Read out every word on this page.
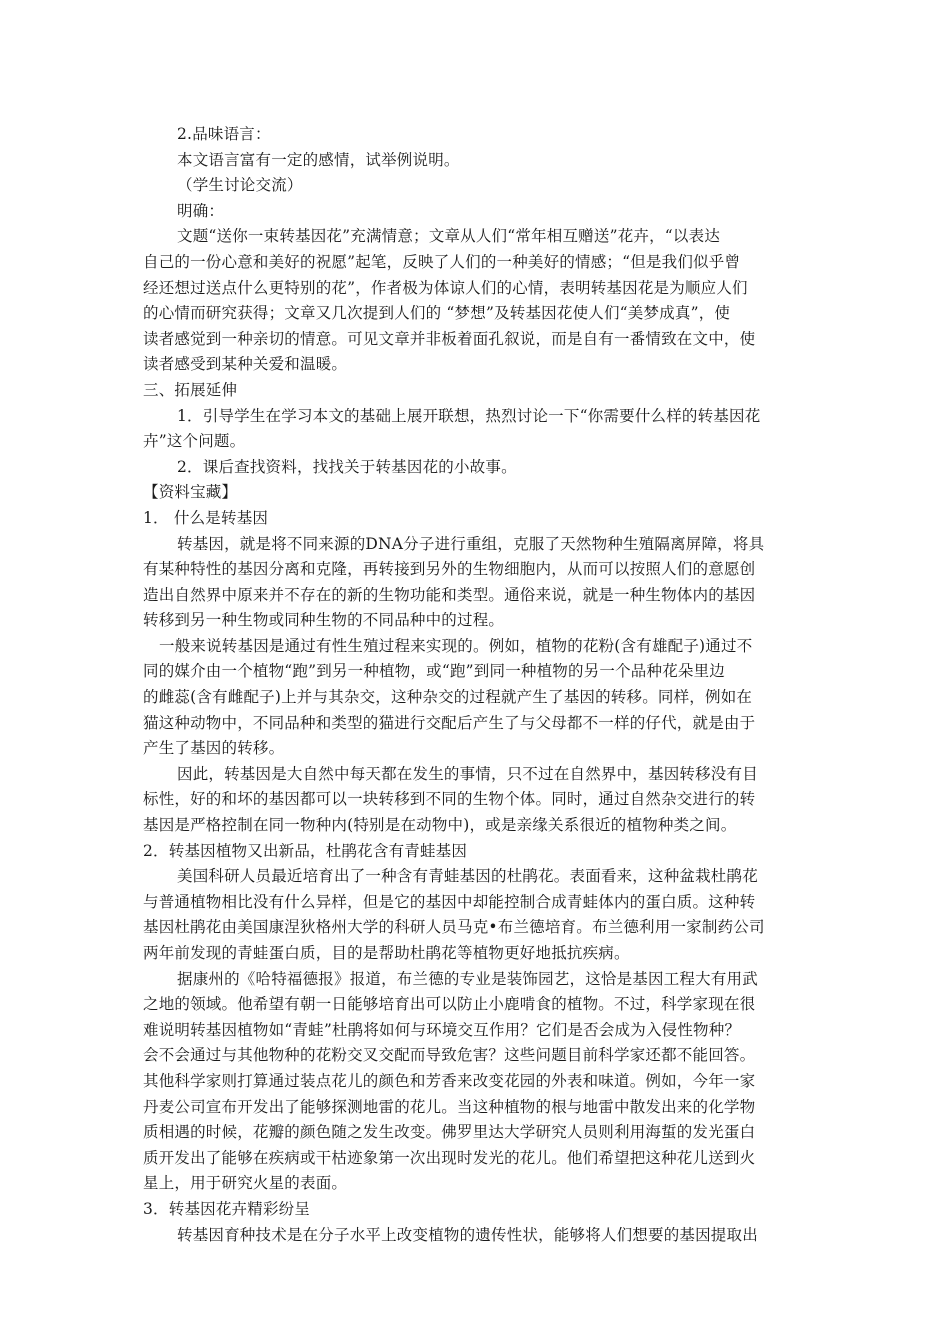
2.品味语言：
本文语言富有一定的感情，试举例说明。
（学生讨论交流）
明确：
文题“送你一束转基因花”充满情意；文章从人们“常年相互赠送”花卉，“以表达
自己的一份心意和美好的祝愿”起笔，反映了人们的一种美好的情感；“但是我们似乎曾
经还想过送点什么更特别的花”，作者极为体谅人们的心情，表明转基因花是为顺应人们
的心情而研究获得；文章又几次提到人们的 “梦想”及转基因花使人们“美梦成真”，使
读者感觉到一种亲切的情意。可见文章并非板着面孔叙说，而是自有一番情致在文中，使
读者感受到某种关爱和温暖。
三、拓展延伸
1．引导学生在学习本文的基础上展开联想，热烈讨论一下“你需要什么样的转基因花
卉”这个问题。
2．课后查找资料，找找关于转基因花的小故事。
【资料宝藏】
1． 什么是转基因
转基因，就是将不同来源的DNA分子进行重组，克服了天然物种生殖隔离屏障，将具
有某种特性的基因分离和克隆，再转接到另外的生物细胞内，从而可以按照人们的意愿创
造出自然界中原来并不存在的新的生物功能和类型。通俗来说，就是一种生物体内的基因
转移到另一种生物或同种生物的不同品种中的过程。
一般来说转基因是通过有性生殖过程来实现的。例如，植物的花粉(含有雄配子)通过不
同的媒介由一个植物“跑”到另一种植物，或“跑”到同一种植物的另一个品种花朵里边
的雌蕊(含有雌配子)上并与其杂交，这种杂交的过程就产生了基因的转移。同样，例如在
猫这种动物中，不同品种和类型的猫进行交配后产生了与父母都不一样的仔代，就是由于
产生了基因的转移。
因此，转基因是大自然中每天都在发生的事情，只不过在自然界中，基因转移没有目
标性，好的和坏的基因都可以一块转移到不同的生物个体。同时，通过自然杂交进行的转
基因是严格控制在同一物种内(特别是在动物中)，或是亲缘关系很近的植物种类之间。
2．转基因植物又出新品，杜鹃花含有青蛙基因
美国科研人员最近培育出了一种含有青蛙基因的杜鹃花。表面看来，这种盆栽杜鹃花
与普通植物相比没有什么异样，但是它的基因中却能控制合成青蛙体内的蛋白质。这种转
基因杜鹃花由美国康涅狄格州大学的科研人员马克•布兰德培育。布兰德利用一家制药公司
两年前发现的青蛙蛋白质，目的是帮助杜鹃花等植物更好地抵抗疾病。
据康州的《哈特福德报》报道，布兰德的专业是装饰园艺，这恰是基因工程大有用武
之地的领域。他希望有朝一日能够培育出可以防止小鹿啃食的植物。不过，科学家现在很
难说明转基因植物如“青蛙”杜鹃将如何与环境交互作用？它们是否会成为入侵性物种？
会不会通过与其他物种的花粉交叉交配而导致危害？这些问题目前科学家还都不能回答。
其他科学家则打算通过装点花儿的颜色和芳香来改变花园的外表和味道。例如，今年一家
丹麦公司宣布开发出了能够探测地雷的花儿。当这种植物的根与地雷中散发出来的化学物
质相遇的时候，花瓣的颜色随之发生改变。佛罗里达大学研究人员则利用海蜇的发光蛋白
质开发出了能够在疾病或干枯迹象第一次出现时发光的花儿。他们希望把这种花儿送到火
星上，用于研究火星的表面。
3．转基因花卉精彩纷呈
转基因育种技术是在分子水平上改变植物的遗传性状，能够将人们想要的基因提取出
